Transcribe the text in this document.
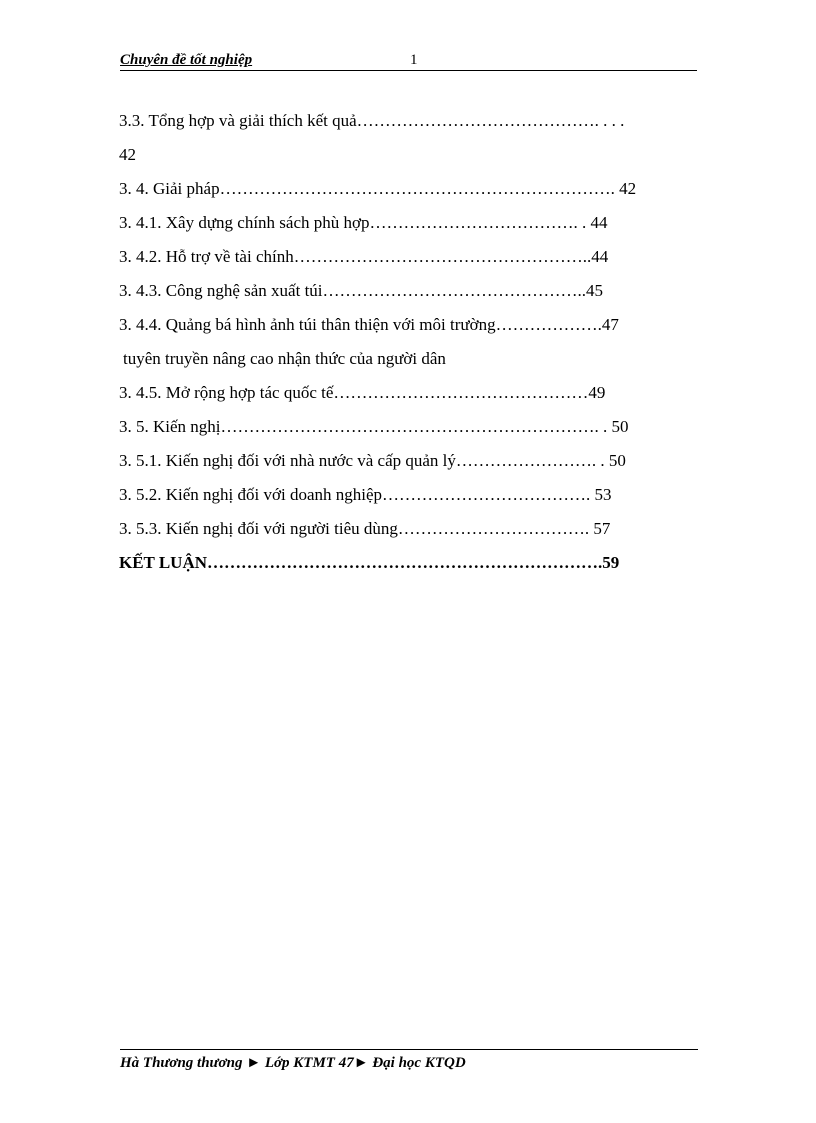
Chuyên đề tốt nghiệp	1
3.3. Tổng hợp và giải thích kết quả……………………………………. . . .
42
3. 4. Giải pháp……………………………………………………………. 42
3. 4.1. Xây dựng chính sách phù hợp………………………………. . 44
3. 4.2. Hỗ trợ về tài chính……………………………………………..44
3. 4.3. Công nghệ sản xuất túi………………………………………..45
3. 4.4. Quảng bá hình ảnh túi thân thiện với môi trường……………….47
tuyên truyền nâng cao nhận thức của người dân
3. 4.5. Mở rộng hợp tác quốc tế………………………………………49
3. 5. Kiến nghị…………………………………………………………. . 50
3. 5.1. Kiến nghị đối với nhà nước và cấp quản lý……………………. . 50
3. 5.2. Kiến nghị đối với doanh nghiệp………………………………. 53
3. 5.3. Kiến nghị đối với người tiêu dùng……………………………. 57
KẾT LUẬN…………………………………………………………….59
Hà Thương thương ► Lớp KTMT 47► Đại học KTQD
